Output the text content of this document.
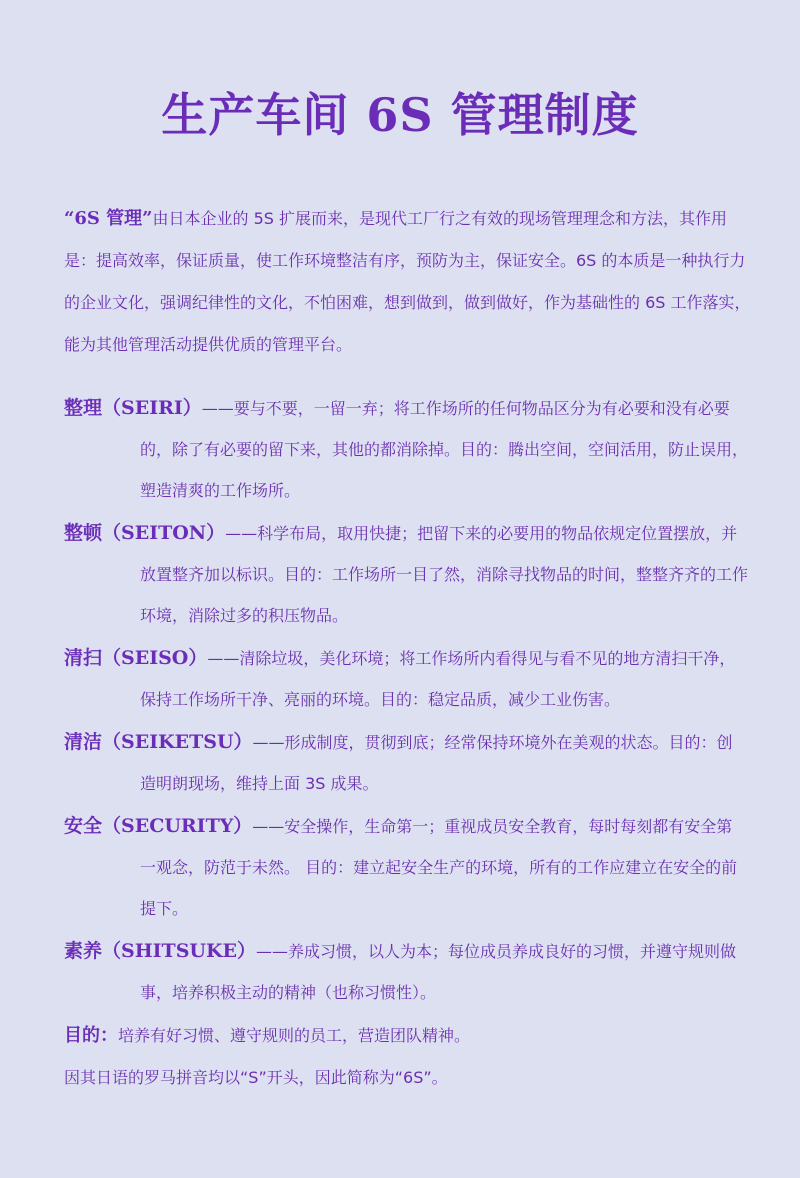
生产车间 6S 管理制度

“6S 管理”由日本企业的 5S 扩展而来，是现代工厂行之有效的现场管理理念和方法，其作用是：提高效率，保证质量，使工作环境整洁有序，预防为主，保证安全。6S 的本质是一种执行力的企业文化，强调纪律性的文化，不怕困难，想到做到，做到做好，作为基础性的 6S 工作落实，能为其他管理活动提供优质的管理平台。

整理（SEIRI）——要与不要，一留一弃；将工作场所的任何物品区分为有必要和没有必要的，除了有必要的留下来，其他的都消除掉。目的：腾出空间，空间活用，防止误用，塑造清爽的工作场所。
整顿（SEITON）——科学布局，取用快捷；把留下来的必要用的物品依规定位置摆放，并放置整齐加以标识。目的：工作场所一目了然，消除寻找物品的时间，整整齐齐的工作环境，消除过多的积压物品。
清扫（SEISO）——清除垃圾，美化环境；将工作场所内看得见与看不见的地方清扫干净，保持工作场所干净、亮丽的环境。目的：稳定品质，减少工业伤害。
清洁（SEIKETSU）——形成制度，贯彻到底；经常保持环境外在美观的状态。目的：创造明朗现场，维持上面 3S 成果。
安全（SECURITY）——安全操作，生命第一；重视成员安全教育，每时每刻都有安全第一观念，防范于未然。 目的：建立起安全生产的环境，所有的工作应建立在安全的前提下。
素养（SHITSUKE）——养成习惯，以人为本；每位成员养成良好的习惯，并遵守规则做事，培养积极主动的精神（也称习惯性）。
目的：培养有好习惯、遵守规则的员工，营造团队精神。
因其日语的罗马拼音均以“S”开头，因此简称为“6S”。
